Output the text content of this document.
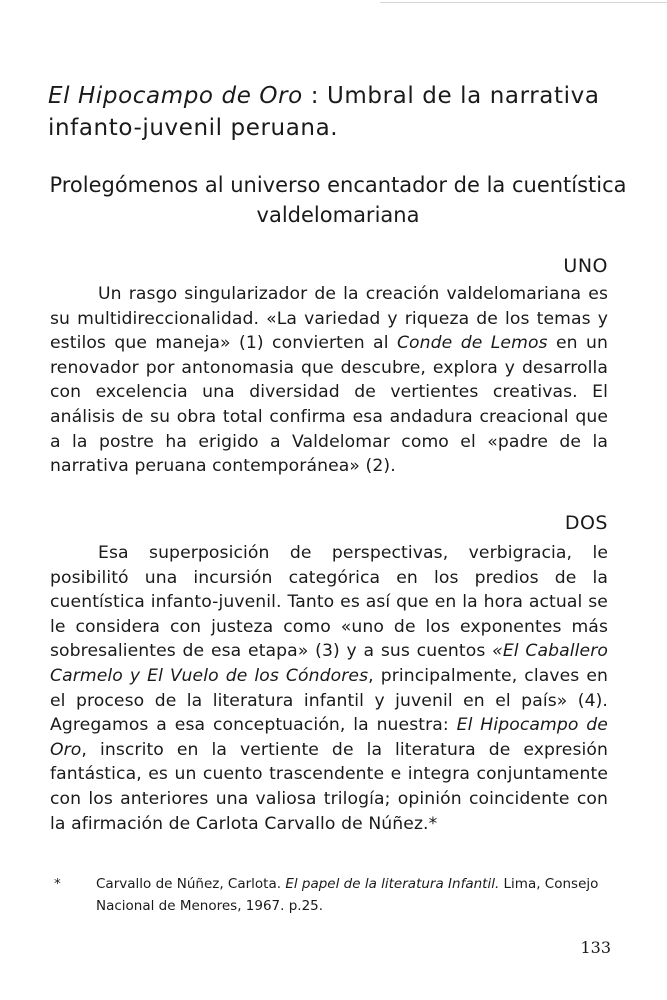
El Hipocampo de Oro : Umbral de la narrativa infanto-juvenil peruana.
Prolegómenos al universo encantador de la cuentística valdelomariana
UNO

Un rasgo singularizador de la creación valdelomariana es su multidireccionalidad. «La variedad y riqueza de los temas y estilos que maneja» (1) convierten al Conde de Lemos en un renovador por antonomasia que descubre, explora y desarrolla con excelencia una diversidad de vertientes creativas. El análisis de su obra total confirma esa andadura creacional que a la postre ha erigido a Valdelomar como el «padre de la narrativa peruana contemporánea» (2).

DOS

Esa superposición de perspectivas, verbigracia, le posibilitó una incursión categórica en los predios de la cuentística infanto-juvenil. Tanto es así que en la hora actual se le considera con justeza como «uno de los exponentes más sobresalientes de esa etapa» (3) y a sus cuentos «El Caballero Carmelo y El Vuelo de los Cóndores, principalmente, claves en el proceso de la literatura infantil y juvenil en el país» (4). Agregamos a esa conceptuación, la nuestra: El Hipocampo de Oro, inscrito en la vertiente de la literatura de expresión fantástica, es un cuento trascendente e integra conjuntamente con los anteriores una valiosa trilogía; opinión coincidente con la afirmación de Carlota Carvallo de Núñez.*

*	Carvallo de Núñez, Carlota. El papel de la literatura Infantil. Lima, Consejo Nacional de Menores, 1967. p.25.
133
